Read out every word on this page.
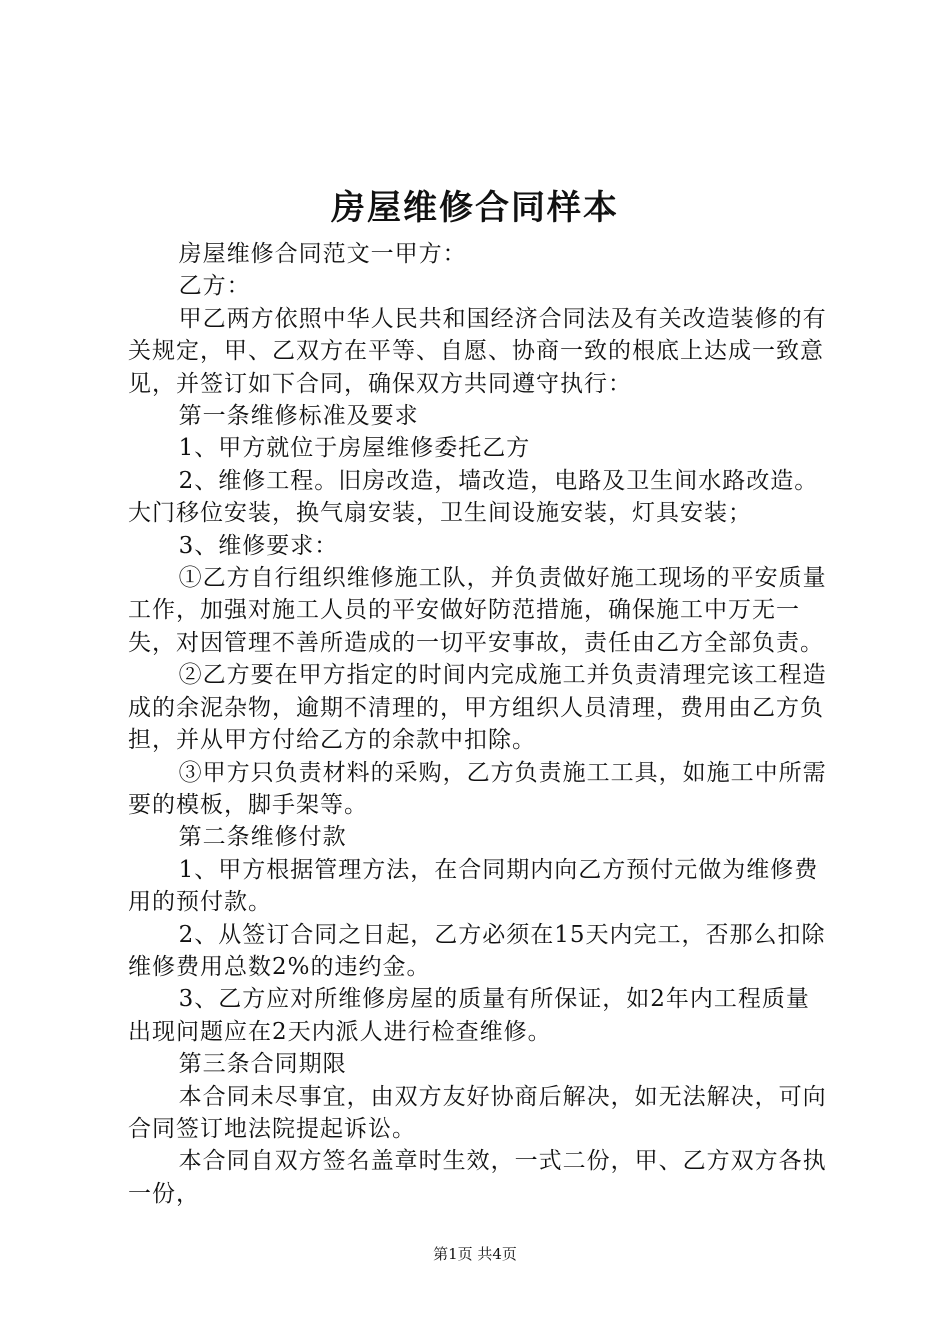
房屋维修合同样本

房屋维修合同范文一甲方：

乙方：

甲乙两方依照中华人民共和国经济合同法及有关改造装修的有关规定，甲、乙双方在平等、自愿、协商一致的根底上达成一致意见，并签订如下合同，确保双方共同遵守执行：

第一条维修标准及要求

1、甲方就位于房屋维修委托乙方

2、维修工程。旧房改造，墙改造，电路及卫生间水路改造。大门移位安装，换气扇安装，卫生间设施安装，灯具安装；

3、维修要求：

①乙方自行组织维修施工队，并负责做好施工现场的平安质量工作，加强对施工人员的平安做好防范措施，确保施工中万无一失，对因管理不善所造成的一切平安事故，责任由乙方全部负责。

②乙方要在甲方指定的时间内完成施工并负责清理完该工程造成的余泥杂物，逾期不清理的，甲方组织人员清理，费用由乙方负担，并从甲方付给乙方的余款中扣除。

③甲方只负责材料的采购，乙方负责施工工具，如施工中所需要的模板，脚手架等。

第二条维修付款

1、甲方根据管理方法，在合同期内向乙方预付元做为维修费用的预付款。

2、从签订合同之日起，乙方必须在15天内完工，否那么扣除维修费用总数2%的违约金。

3、乙方应对所维修房屋的质量有所保证，如2年内工程质量出现问题应在2天内派人进行检查维修。

第三条合同期限

本合同未尽事宜，由双方友好协商后解决，如无法解决，可向合同签订地法院提起诉讼。

本合同自双方签名盖章时生效，一式二份，甲、乙方双方各执一份，

第1页 共4页
